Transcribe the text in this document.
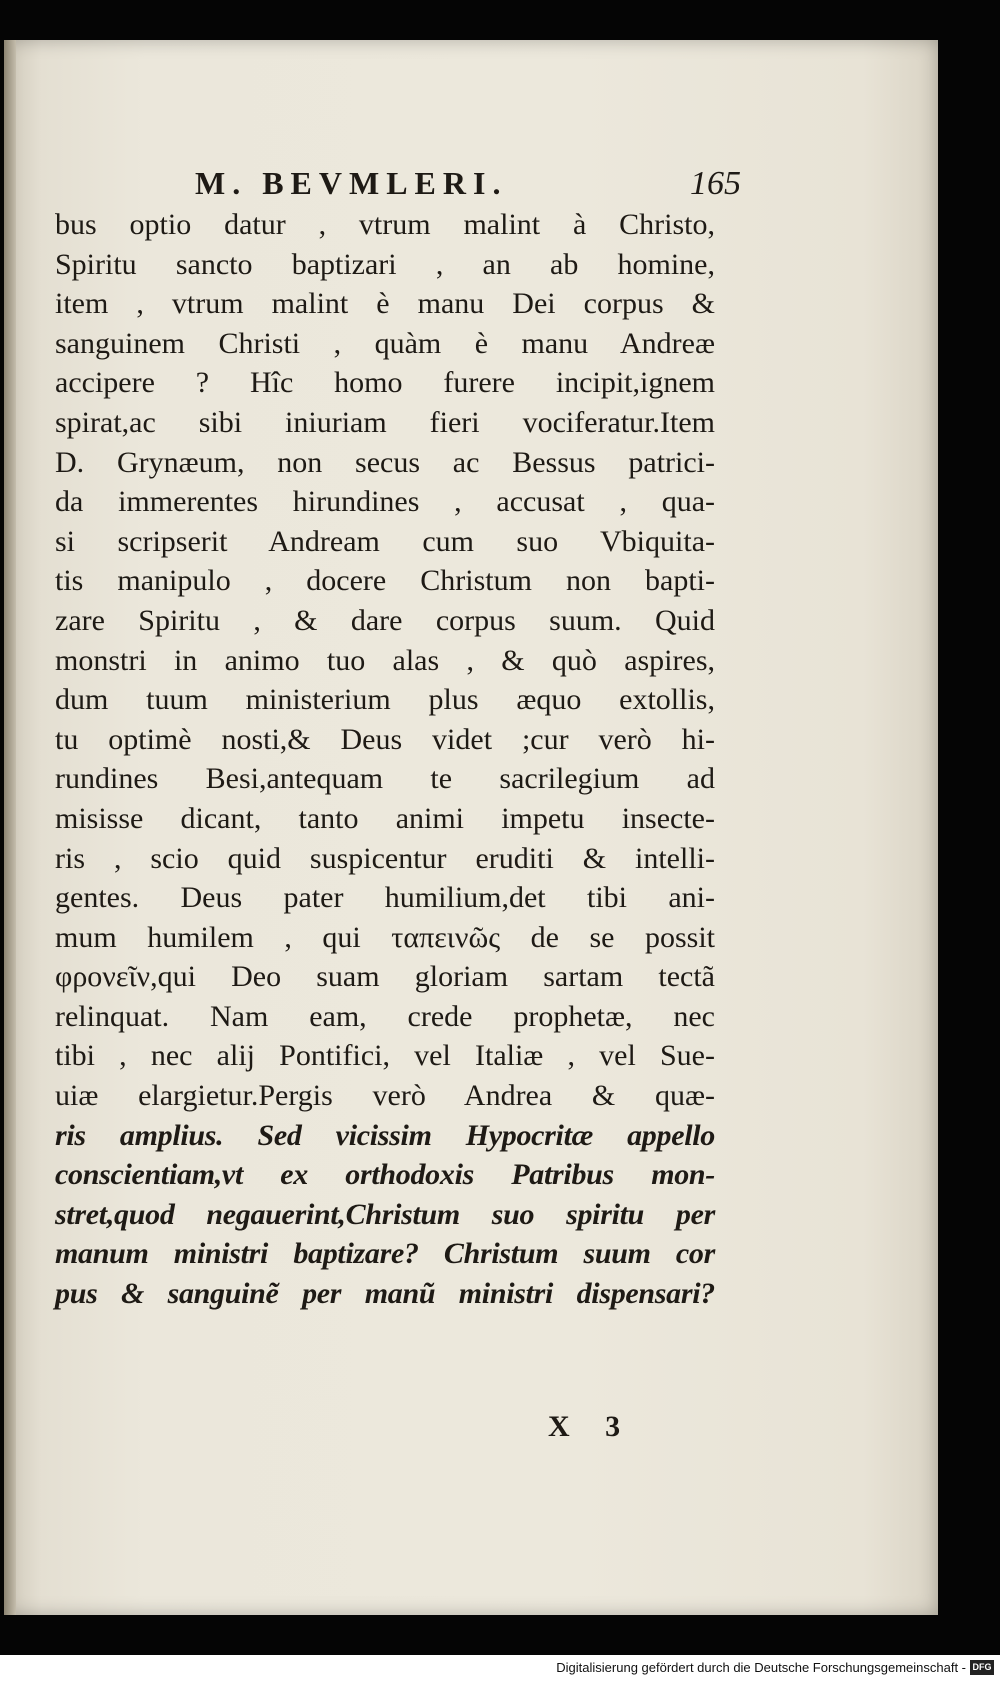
M. BEVMLERI.	165
bus optio datur , vtrum malint à Christo,
Spiritu sancto baptizari , an ab homine,
item , vtrum malint è manu Dei corpus &
sanguinem Christi , quàm è manu Andreæ
accipere ? Hîc homo furere incipit,ignem
spirat,ac sibi iniuriam fieri vociferatur.Item
D. Grynæum, non secus ac Bessus patrici-
da immerentes hirundines , accusat , qua-
si scripserit Andream cum suo Vbiquita-
tis manipulo , docere Christum non bapti-
zare Spiritu , & dare corpus suum. Quid
monstri in animo tuo alas , & quò aspires,
dum tuum ministerium plus æquo extollis,
tu optimè nosti,& Deus videt ;cur verò hi-
rundines Besi,antequam te sacrilegium ad
misisse dicant, tanto animi impetu insecte-
ris , scio quid suspicentur eruditi & intelli-
gentes. Deus pater humilium,det tibi ani-
mum humilem , qui ταπεινῶς de se possit
φρονεῖν,qui Deo suam gloriam sartam tectã
relinquat. Nam eam, crede prophetæ, nec
tibi , nec alij Pontifici, vel Italiæ , vel Sue-
uiæ elargietur.Pergis verò Andrea & quæ-
ris amplius. Sed vicissim Hypocritæ appello
conscientiam,vt ex orthodoxis Patribus mon-
stret,quod negauerint,Christum suo spiritu per
manum ministri baptizare? Christum suum cor
pus & sanguinẽ per manũ ministri dispensari?
X 3
Digitalisierung gefördert durch die Deutsche Forschungsgemeinschaft - DFG
